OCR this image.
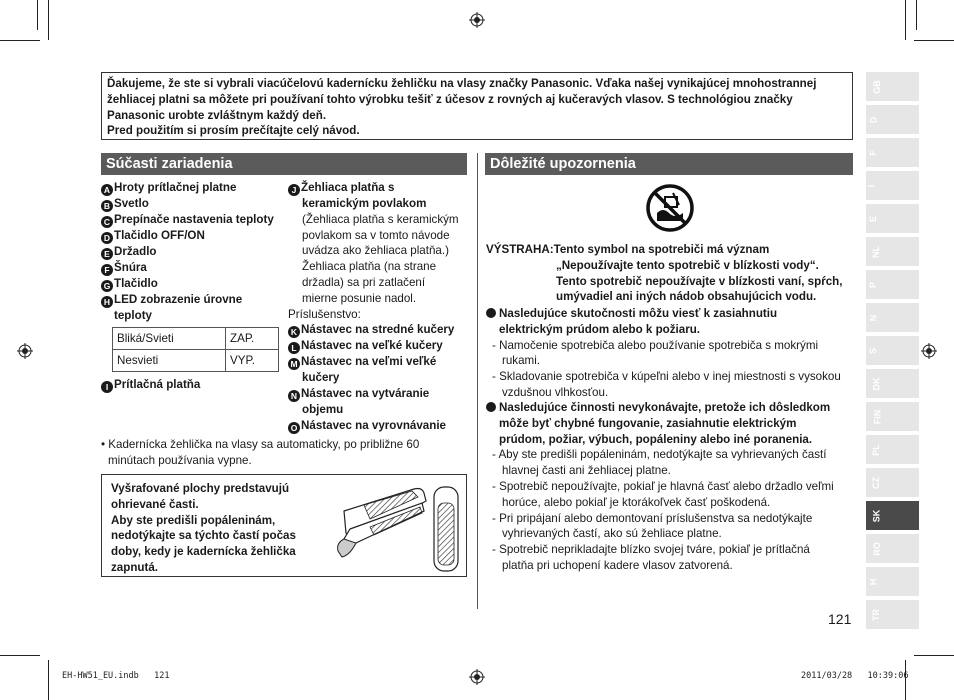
Ďakujeme, že ste si vybrali viacúčelovú kadernícku žehličku na vlasy značky Panasonic. Vďaka našej vynikajúcej mnohostrannej
žehliacej platni sa môžete pri používaní tohto výrobku tešiť z účesov z rovných aj kučeravých vlasov. S technológiou značky
Panasonic urobte zvláštnym každý deň.
Pred použitím si prosím prečítajte celý návod.
Súčasti zariadenia	Dôležité upozornenia
A Hroty prítlačnej platne
B Svetlo
C Prepínače nastavenia teploty
D Tlačidlo OFF/ON
E Držadlo
F Šnúra
G Tlačidlo
H LED zobrazenie úrovne
teploty
Bliká/Svieti	ZAP.
Nesvieti	VYP.
I Prítlačná platňa
J Žehliaca platňa s
keramickým povlakom
(Žehliaca platňa s keramickým
povlakom sa v tomto návode
uvádza ako žehliaca platňa.)
Žehliaca platňa (na strane
držadla) sa pri zatlačení
mierne posunie nadol.
Príslušenstvo:
K Nástavec na stredné kučery
L Nástavec na veľké kučery
M Nástavec na veľmi veľké
kučery
N Nástavec na vytváranie
objemu
O Nástavec na vyrovnávanie
• Kadernícka žehlička na vlasy sa automaticky, po približne 60
minútach používania vypne.
Vyšrafované plochy predstavujú
ohrievané časti.
Aby ste predišli popáleninám,
nedotýkajte sa týchto častí počas
doby, kedy je kadernícka žehlička
zapnutá.
VÝSTRAHA:Tento symbol na spotrebiči má význam
„Nepoužívajte tento spotrebič v blízkosti vody“.
Tento spotrebič nepoužívajte v blízkosti vaní, spŕch,
umývadiel ani iných nádob obsahujúcich vodu.
Nasledujúce skutočnosti môžu viesť k zasiahnutiu
elektrickým prúdom alebo k požiaru.
- Namočenie spotrebiča alebo používanie spotrebiča s mokrými
rukami.
- Skladovanie spotrebiča v kúpeľni alebo v inej miestnosti s vysokou
vzdušnou vlhkosťou.
Nasledujúce činnosti nevykonávajte, pretože ich dôsledkom
môže byť chybné fungovanie, zasiahnutie elektrickým
prúdom, požiar, výbuch, popáleniny alebo iné poranenia.
- Aby ste predišli popáleninám, nedotýkajte sa vyhrievaných častí
hlavnej časti ani žehliacej platne.
- Spotrebič nepoužívajte, pokiaľ je hlavná časť alebo držadlo veľmi
horúce, alebo pokiaľ je ktorákoľvek časť poškodená.
- Pri pripájaní alebo demontovaní príslušenstva sa nedotýkajte
vyhrievaných častí, ako sú žehliace platne.
- Spotrebič neprikladajte blízko svojej tváre, pokiaľ je prítlačná
platňa pri uchopení kadere vlasov zatvorená.
GB
D
F
I
E
NL
P
N
S
DK
FIN
PL
CZ
SK
RO
H
TR
121
EH-HW51_EU.indb   121	2011/03/28   10:39:06
